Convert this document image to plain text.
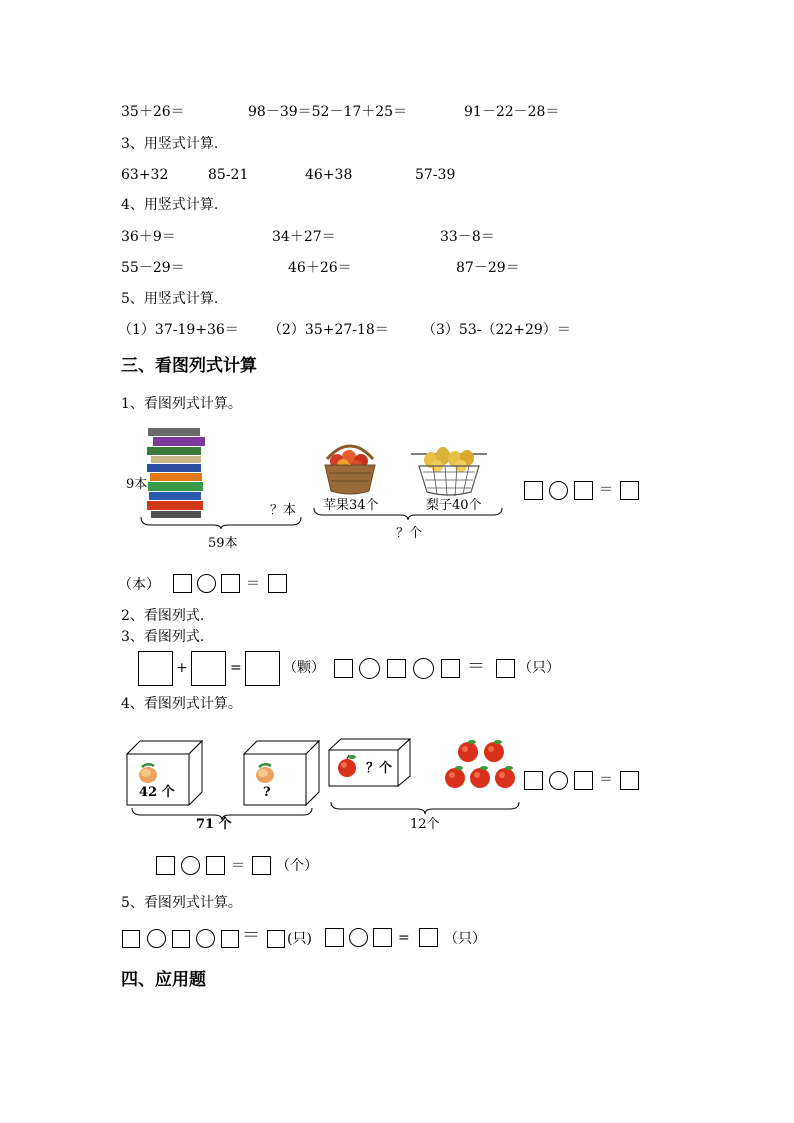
35＋26＝	98－39＝52－17＋25＝	91－22－28＝
3、用竖式计算.
63+32	85-21	46+38	57-39
4、用竖式计算.
36＋9＝	34＋27＝	33－8＝
55－29＝	46＋26＝	87－29＝
5、用竖式计算.
（1）37-19+36＝ （2）35+27-18＝ （3）53-（22+29）＝
三、看图列式计算
1、看图列式计算。
9本
？本
59本
苹果34个	梨子40个
？个
＝
（本）	＝
2、看图列式.
3、看图列式.
+	=	（颗）	＝ （只）
4、看图列式计算。
42 个	?
71 个
？个
12个
＝
＝ （个）
5、看图列式计算。
＝ (只)	= （只）
四、应用题
